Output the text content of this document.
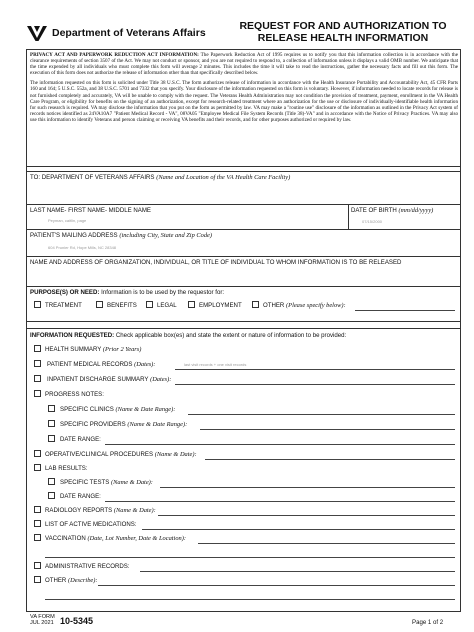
Department of Veterans Affairs
REQUEST FOR AND AUTHORIZATION TO
RELEASE HEALTH INFORMATION

PRIVACY ACT AND PAPERWORK REDUCTION ACT INFORMATION: The Paperwork Reduction Act of 1995 requires us to notify you that this information collection is in accordance with the clearance requirements of section 3507 of the Act. We may not conduct or sponsor, and you are not required to respond to, a collection of information unless it displays a valid OMB number. We anticipate that the time expended by all individuals who must complete this form will average 2 minutes. This includes the time it will take to read the instructions, gather the necessary facts and fill out this form. The execution of this form does not authorize the release of information other than that specifically described below.

The information requested on this form is solicited under Title 38 U.S.C. The form authorizes release of information in accordance with the Health Insurance Portability and Accountability Act, 45 CFR Parts 160 and 164; 5 U.S.C. 552a, and 38 U.S.C. 5701 and 7332 that you specify. Your disclosure of the information requested on this form is voluntary. However, if information needed to locate records for release is not furnished completely and accurately, VA will be unable to comply with the request. The Veterans Health Administration may not condition the provision of treatment, payment, enrollment in the VA Health Care Program, or eligibility for benefits on the signing of an authorization, except for research-related treatment where an authorization for the use or disclosure of individually-identifiable health information for such research is required. VA may disclose the information that you put on the form as permitted by law. VA may make a "routine use" disclosure of the information as outlined in the Privacy Act system of records notices identified as 24VA10A7 "Patient Medical Record - VA", 08VA05 "Employee Medical File System Records (Title 38)-VA" and in accordance with the Notice of Privacy Practices. VA may also use this information to identify Veterans and person claiming or receiving VA benefits and their records, and for other purposes authorized or required by law.

TO: DEPARTMENT OF VETERANS AFFAIRS (Name and Location of the VA Health Care Facility)
LAST NAME- FIRST NAME- MIDDLE NAME
Peyman, caitlin, page
DATE OF BIRTH (mm/dd/yyyy)
07/15/2000
PATIENT'S MAILING ADDRESS (including City, State and Zip Code)
604 Prunier Rd, Hope Mills, NC 28348
NAME AND ADDRESS OF ORGANIZATION, INDIVIDUAL, OR TITLE OF INDIVIDUAL TO WHOM INFORMATION IS TO BE RELEASED
PURPOSE(S) OR NEED: Information is to be used by the requestor for:
TREATMENT	BENEFITS	LEGAL	EMPLOYMENT	OTHER (Please specify below):
INFORMATION REQUESTED: Check applicable box(es) and state the extent or nature of information to be provided:
HEALTH SUMMARY (Prior 2 Years)
PATIENT MEDICAL RECORDS (Dates):	last visit records + one visit records
INPATIENT DISCHARGE SUMMARY (Dates):
PROGRESS NOTES:
SPECIFIC CLINICS (Name & Date Range):
SPECIFIC PROVIDERS (Name & Date Range):
DATE RANGE:
OPERATIVE/CLINICAL PROCEDURES (Name & Date):
LAB RESULTS:
SPECIFIC TESTS (Name & Date):
DATE RANGE:
RADIOLOGY REPORTS (Name & Date):
LIST OF ACTIVE MEDICATIONS:
VACCINATION (Date, Lot Number, Date & Location):
ADMINISTRATIVE RECORDS:
OTHER (Describe):
VA FORM
JUL 2021 10-5345	Page 1 of 2
